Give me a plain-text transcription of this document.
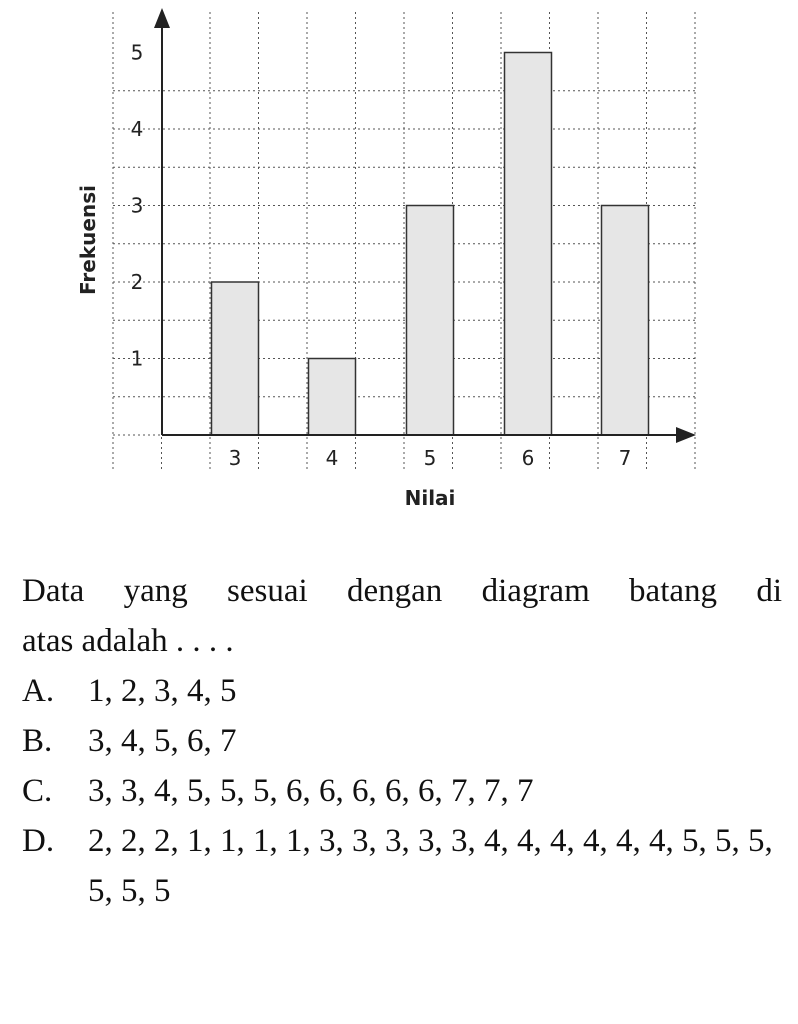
1
2
3
4
5
3	4	5	6	7
Frekuensi
Nilai
Data yang sesuai dengan diagram batang di
atas adalah . . . .
A.	1, 2, 3, 4, 5
B.	3, 4, 5, 6, 7
C.	3, 3, 4, 5, 5, 5, 6, 6, 6, 6, 6, 7, 7, 7
D.	2, 2, 2, 1, 1, 1, 1, 3, 3, 3, 3, 3, 4, 4, 4, 4, 4, 4, 5, 5, 5, 5, 5, 5
